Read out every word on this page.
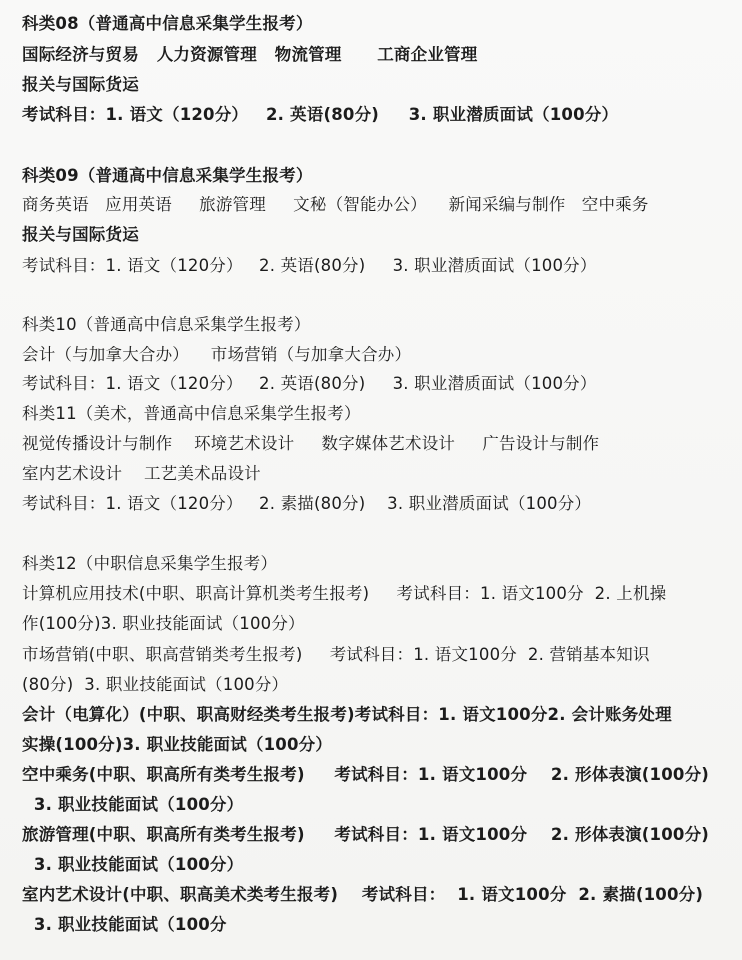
科类08（普通高中信息采集学生报考）
国际经济与贸易   人力资源管理   物流管理      工商企业管理
报关与国际货运
考试科目：1. 语文（120分）   2. 英语(80分)     3. 职业潜质面试（100分）
科类09（普通高中信息采集学生报考）
商务英语   应用英语     旅游管理     文秘（智能办公）    新闻采编与制作   空中乘务
报关与国际货运
考试科目：1. 语文（120分）   2. 英语(80分)     3. 职业潜质面试（100分）
科类10（普通高中信息采集学生报考）
会计（与加拿大合办）    市场营销（与加拿大合办）
考试科目：1. 语文（120分）   2. 英语(80分)     3. 职业潜质面试（100分）
科类11（美术，普通高中信息采集学生报考）
视觉传播设计与制作    环境艺术设计     数字媒体艺术设计     广告设计与制作
室内艺术设计    工艺美术品设计
考试科目：1. 语文（120分）   2. 素描(80分)    3. 职业潜质面试（100分）
科类12（中职信息采集学生报考）
计算机应用技术(中职、职高计算机类考生报考)     考试科目：1. 语文100分  2. 上机操
作(100分)3. 职业技能面试（100分）
市场营销(中职、职高营销类考生报考)     考试科目：1. 语文100分  2. 营销基本知识
(80分)  3. 职业技能面试（100分）
会计（电算化）(中职、职高财经类考生报考)考试科目：1. 语文100分2. 会计账务处理
实操(100分)3. 职业技能面试（100分）
空中乘务(中职、职高所有类考生报考)     考试科目：1. 语文100分    2. 形体表演(100分)
3. 职业技能面试（100分）
旅游管理(中职、职高所有类考生报考)     考试科目：1. 语文100分    2. 形体表演(100分)
3. 职业技能面试（100分）
室内艺术设计(中职、职高美术类考生报考)    考试科目：  1. 语文100分  2. 素描(100分)
3. 职业技能面试（100分
